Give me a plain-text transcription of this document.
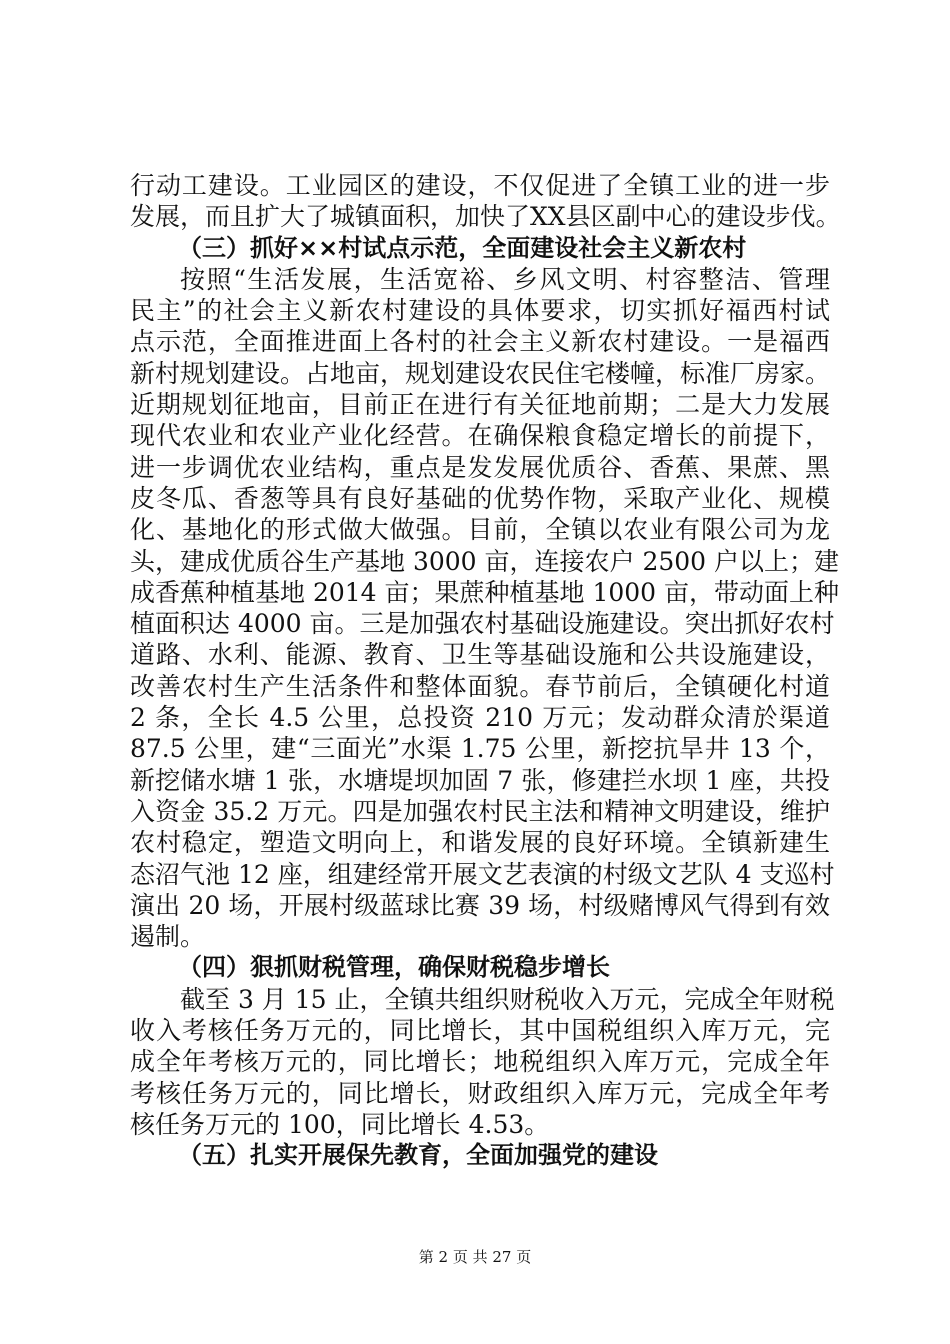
行动工建设。工业园区的建设，不仅促进了全镇工业的进一步
发展，而且扩大了城镇面积，加快了XX县区副中心的建设步伐。
（三）抓好××村试点示范，全面建设社会主义新农村
按照“生活发展，生活宽裕、乡风文明、村容整洁、管理
民主”的社会主义新农村建设的具体要求，切实抓好福西村试
点示范，全面推进面上各村的社会主义新农村建设。一是福西
新村规划建设。占地亩，规划建设农民住宅楼幢，标准厂房家。
近期规划征地亩，目前正在进行有关征地前期；二是大力发展
现代农业和农业产业化经营。在确保粮食稳定增长的前提下，
进一步调优农业结构，重点是发发展优质谷、香蕉、果蔗、黑
皮冬瓜、香葱等具有良好基础的优势作物，采取产业化、规模
化、基地化的形式做大做强。目前，全镇以农业有限公司为龙
头，建成优质谷生产基地 3000 亩，连接农户 2500 户以上；建
成香蕉种植基地 2014 亩；果蔗种植基地 1000 亩，带动面上种
植面积达 4000 亩。三是加强农村基础设施建设。突出抓好农村
道路、水利、能源、教育、卫生等基础设施和公共设施建设，
改善农村生产生活条件和整体面貌。春节前后，全镇硬化村道
2 条，全长 4.5 公里，总投资 210 万元；发动群众清於渠道
87.5 公里，建“三面光”水渠 1.75 公里，新挖抗旱井 13 个，
新挖储水塘 1 张，水塘堤坝加固 7 张，修建拦水坝 1 座，共投
入资金 35.2 万元。四是加强农村民主法和精神文明建设，维护
农村稳定，塑造文明向上，和谐发展的良好环境。全镇新建生
态沼气池 12 座，组建经常开展文艺表演的村级文艺队 4 支巡村
演出 20 场，开展村级蓝球比赛 39 场，村级赌博风气得到有效
遏制。
（四）狠抓财税管理，确保财税稳步增长
截至 3 月 15 止，全镇共组织财税收入万元，完成全年财税
收入考核任务万元的，同比增长，其中国税组织入库万元，完
成全年考核万元的，同比增长；地税组织入库万元，完成全年
考核任务万元的，同比增长，财政组织入库万元，完成全年考
核任务万元的 100，同比增长 4.53。
（五）扎实开展保先教育，全面加强党的建设
第 2 页 共 27 页
